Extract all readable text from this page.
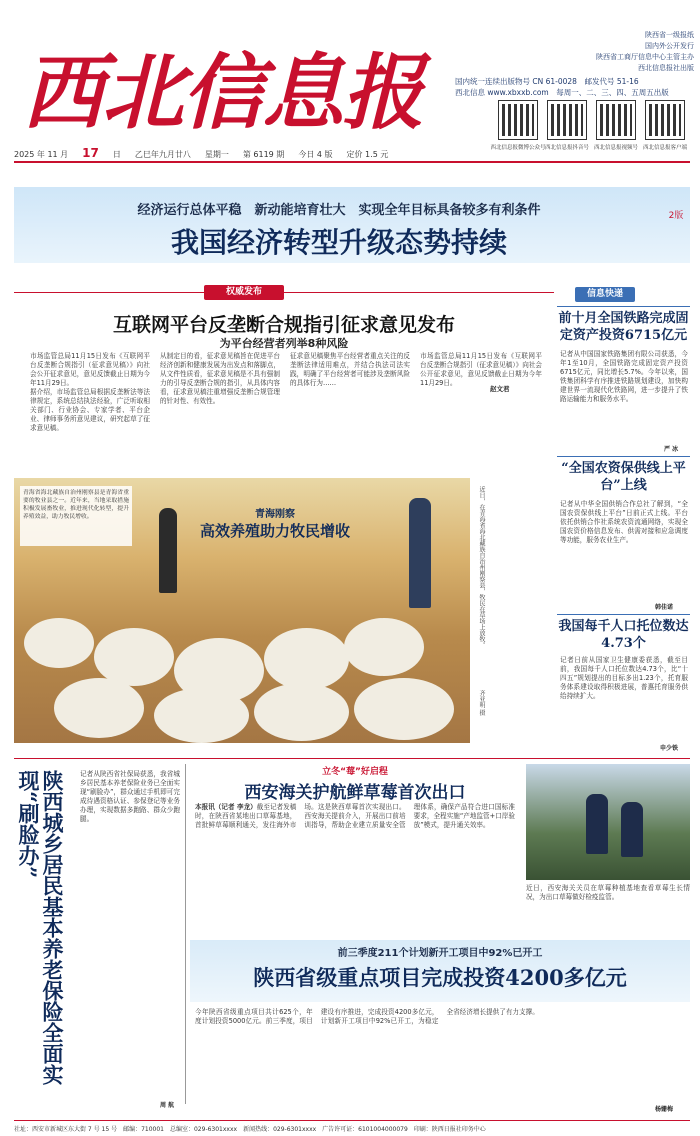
西北信息报
陕西省一级报纸
国内外公开发行
陕西省工商厅信息中心主管主办
西北信息报社出版
国内统一连续出版物号 CN 61-0028　 邮发代号 51-16
西北信息 www.xbxxb.com　 每周一、二、三、四、五周五出版
西北信息报微博公众号 西北信息报抖音号 西北信息报视频号 西北信息报客户端
2025 年 11 月 17 日 乙巳年九月廿八 星期一 第 6119 期 今日 4 版 定价 1.5 元
经济运行总体平稳　新动能培育壮大　实现全年目标具备较多有利条件
我国经济转型升级态势持续
2版
权威发布
互联网平台反垄断合规指引征求意见发布
为平台经营者列举8种风险

市场监管总局11月15日发布《互联网平台反垄断合规指引（征求意见稿）》向社会公开征求意见，意见反馈截止日期为今年11月29日。

据介绍，市场监管总局根据反垄断法等法律规定，系统总结执法经验，广泛听取相关部门、行业协会、专家学者、平台企业、律师事务所意见建议，研究起草了征求意见稿。

从制定目的看，征求意见稿旨在促进平台经济创新和健康发展为出发点和落脚点，从文件性质看，征求意见稿是不具有强制力的引导反垄断合规的指引，从具体内容看，征求意见稿注重增强反垄断合规管理的针对性、有效性。

征求意见稿聚焦平台经营者重点关注的反垄断法律适用难点，并结合执法司法实践，明确了平台经营者可能涉及垄断风险的具体行为……

市场监管总局11月15日发布《互联网平台反垄断合规指引（征求意见稿）》向社会公开征求意见，意见反馈截止日期为今年11月29日。

赵文君
青海省海北藏族自治州刚察县是青海省重要的牧业县之一。近年来，当地采取措施积极发展畜牧业，推进现代化转型，提升养殖效益，助力牧民增收。	青海刚察
高效养殖助力牧民增收	近日，在青海省海北藏族自治州刚察县，牧民在草场上放牧。
齐亚明 摄
信息快递
前十月全国铁路完成固定资产投资6715亿元
记者从中国国家铁路集团有限公司获悉，今年1至10月，全国铁路完成固定资产投资6715亿元，同比增长5.7%。今年以来，国铁集团科学有序推进铁路规划建设，加快构建世界一流现代化铁路网，进一步提升了铁路运输能力和服务水平。
严 冰
“全国农资保供线上平台”上线
记者从中华全国供销合作总社了解到，“全国农资保供线上平台”日前正式上线。平台依托供销合作社系统农资流通网络，实现全国农资价格信息发布、供需对接和应急调度等功能，服务农业生产。
韩佳诺
我国每千人口托位数达4.73个
记者日前从国家卫生健康委获悉，截至目前，我国每千人口托位数达4.73个，比“十四五”规划提出的目标多出1.23个，托育服务体系建设取得积极进展，普惠托育服务供给持续扩大。
申少铁
陕西城乡居民基本养老保险全面实现“刷脸办”	记者从陕西省社保局获悉，我省城乡居民基本养老保险业务已全面实现“刷脸办”，群众通过手机即可完成待遇资格认证、参保登记等业务办理，实现数据多跑路、群众少跑腿。
周 航
立冬“莓”好启程
西安海关护航鲜草莓首次出口
本报讯（记者 李龙）截至记者发稿时，在陕西省某地出口草莓基地，首批鲜草莓顺利通关，发往海外市场。这是陕西草莓首次实现出口。西安海关提前介入，开展出口前培训指导，帮助企业建立质量安全管理体系，确保产品符合进口国标准要求，全程实施“产地监管+口岸验放”模式，提升通关效率。
近日，西安海关关员在草莓种植基地查看草莓生长情况，为出口草莓做好检疫监管。
前三季度211个计划新开工项目中92%已开工
陕西省级重点项目完成投资4200多亿元
今年陕西省级重点项目共计625个，年度计划投资5000亿元。前三季度，项目建设有序推进，完成投资4200多亿元，计划新开工项目中92%已开工，为稳定全省经济增长提供了有力支撑。
杨姗梅
社址：西安市新城区东大街 7 号 15 号　邮编：710001　总编室：029-6301xxxx　新闻热线：029-6301xxxx　广告许可证：6101004000079　印刷：陕西日报社印务中心
